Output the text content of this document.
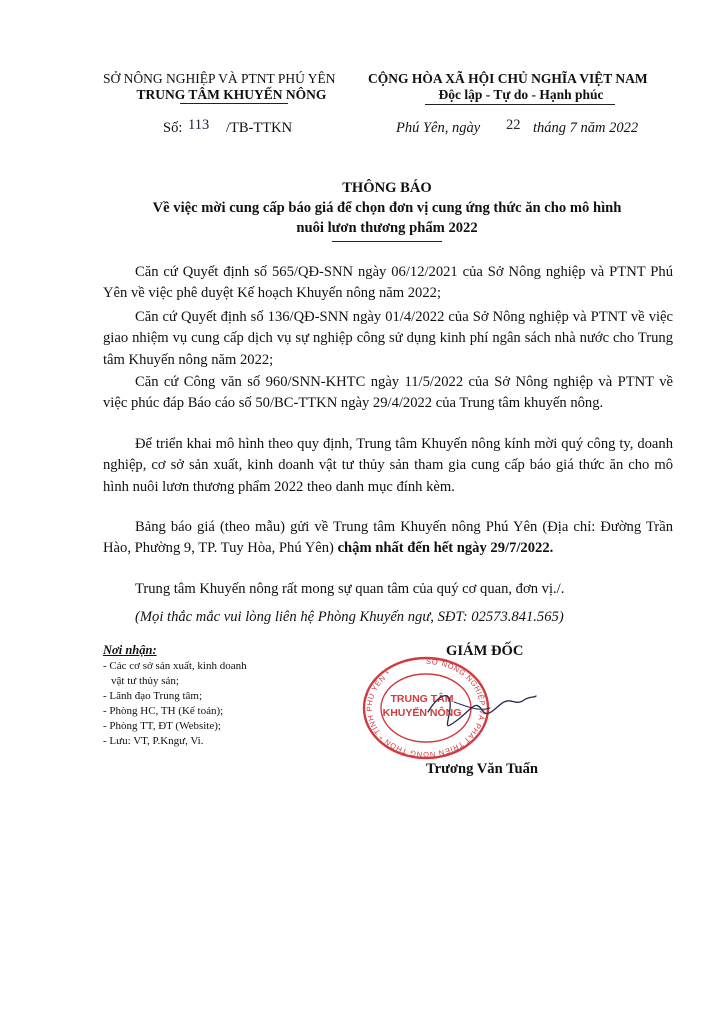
SỞ NÔNG NGHIỆP VÀ PTNT PHÚ YÊN
TRUNG TÂM KHUYẾN NÔNG
CỘNG HÒA XÃ HỘI CHỦ NGHĨA VIỆT NAM
Độc lập - Tự do - Hạnh phúc
Số: 113 /TB-TTKN	Phú Yên, ngày 22 tháng 7 năm 2022
THÔNG BÁO
Về việc mời cung cấp báo giá để chọn đơn vị cung ứng thức ăn cho mô hình
nuôi lươn thương phẩm 2022
Căn cứ Quyết định số 565/QĐ-SNN ngày 06/12/2021 của Sở Nông nghiệp và PTNT Phú Yên về việc phê duyệt Kế hoạch Khuyến nông năm 2022;
Căn cứ Quyết định số 136/QĐ-SNN ngày 01/4/2022 của Sở Nông nghiệp và PTNT về việc giao nhiệm vụ cung cấp dịch vụ sự nghiệp công sử dụng kinh phí ngân sách nhà nước cho Trung tâm Khuyến nông năm 2022;
Căn cứ Công văn số 960/SNN-KHTC ngày 11/5/2022 của Sở Nông nghiệp và PTNT về việc phúc đáp Báo cáo số 50/BC-TTKN ngày 29/4/2022 của Trung tâm khuyến nông.
Để triển khai mô hình theo quy định, Trung tâm Khuyến nông kính mời quý công ty, doanh nghiệp, cơ sở sản xuất, kinh doanh vật tư thủy sản tham gia cung cấp báo giá thức ăn cho mô hình nuôi lươn thương phẩm 2022 theo danh mục đính kèm.
Bảng báo giá (theo mẫu) gửi về Trung tâm Khuyến nông Phú Yên (Địa chỉ: Đường Trần Hào, Phường 9, TP. Tuy Hòa, Phú Yên) chậm nhất đến hết ngày 29/7/2022.
Trung tâm Khuyến nông rất mong sự quan tâm của quý cơ quan, đơn vị./.
(Mọi thắc mắc vui lòng liên hệ Phòng Khuyến ngư, SĐT: 02573.841.565)
Nơi nhận:
- Các cơ sở sản xuất, kinh doanh
vật tư thủy sản;
- Lãnh đạo Trung tâm;
- Phòng HC, TH (Kế toán);
- Phòng TT, ĐT (Website);
- Lưu: VT, P.Kngư, Vi.
GIÁM ĐỐC
SỞ NÔNG NGHIỆP VÀ PHÁT TRIỂN NÔNG THÔN * TỈNH PHÚ YÊN *
TRUNG TÂM
KHUYẾN NÔNG
Trương Văn Tuấn
